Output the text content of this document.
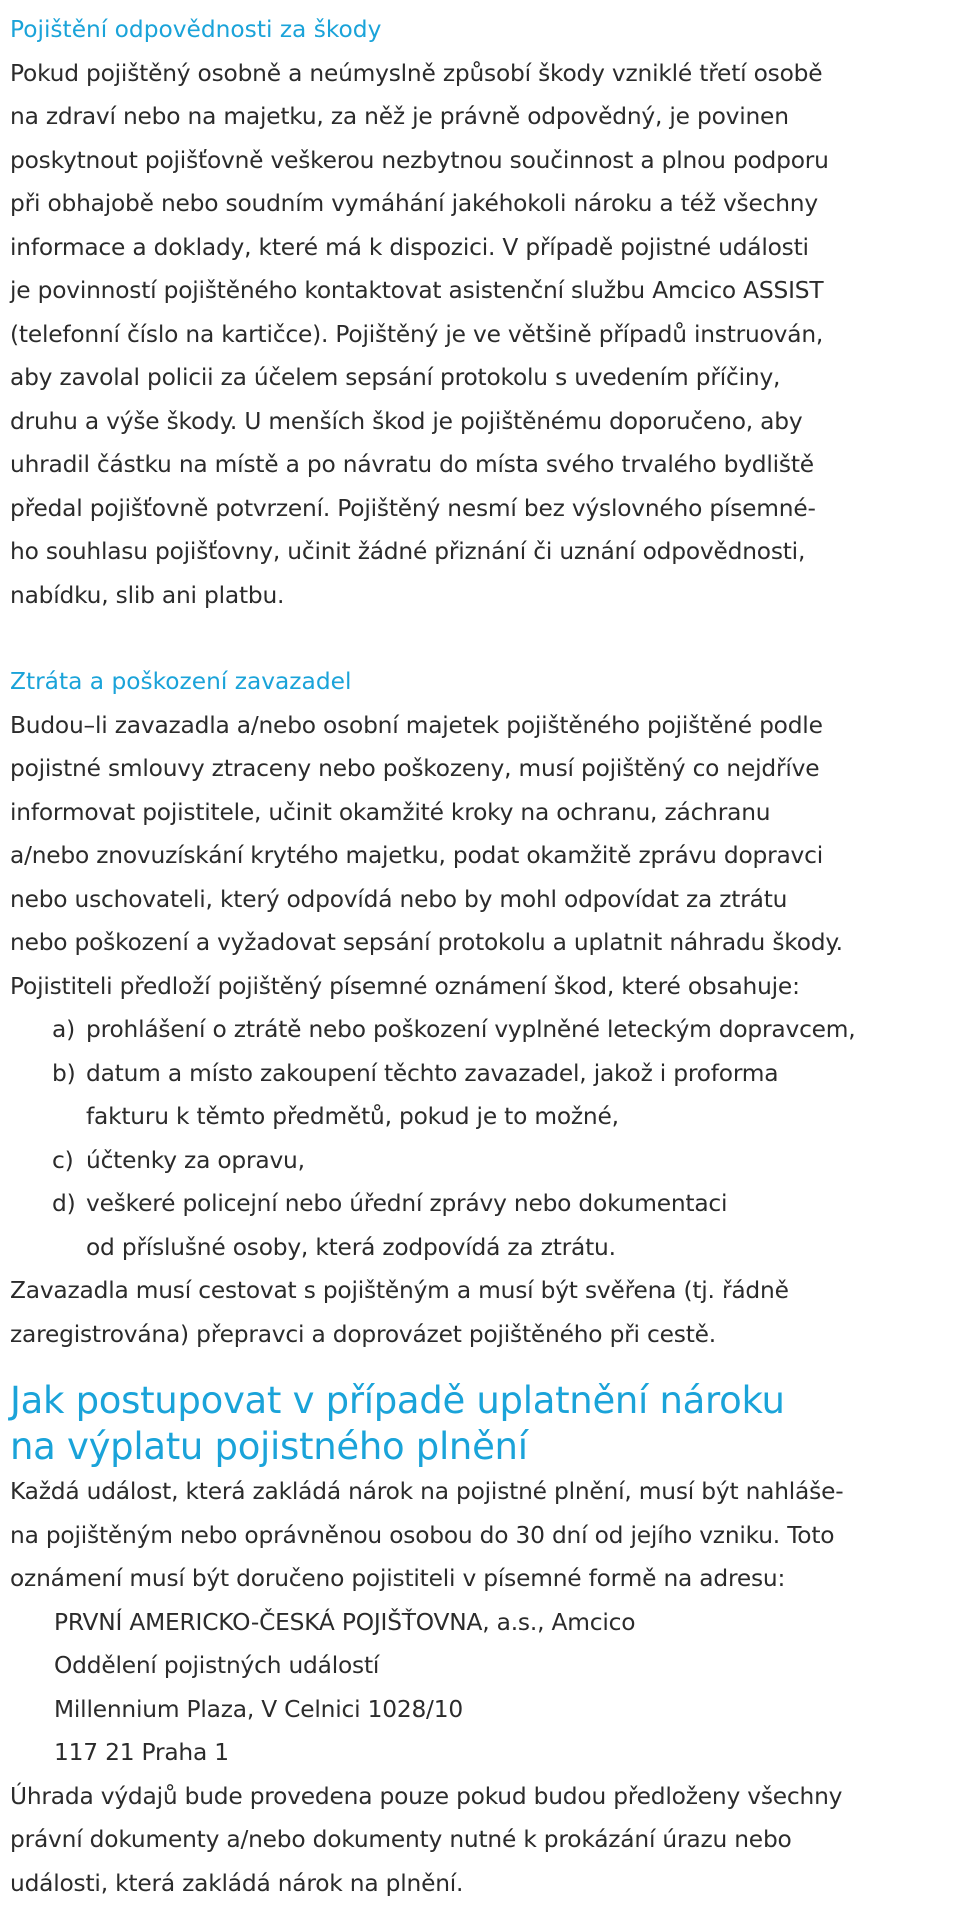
Pojištění odpovědnosti za škody
Pokud pojištěný osobně a neúmyslně způsobí škody vzniklé třetí osobě
na zdraví nebo na majetku, za něž je právně odpovědný, je povinen
poskytnout pojišťovně veškerou nezbytnou součinnost a plnou podporu
při obhajobě nebo soudním vymáhání jakéhokoli nároku a též všechny
informace a doklady, které má k dispozici. V případě pojistné události
je povinností pojištěného kontaktovat asistenční službu Amcico ASSIST
(telefonní číslo na kartičce). Pojištěný je ve většině případů instruován,
aby zavolal policii za účelem sepsání protokolu s uvedením příčiny,
druhu a výše škody. U menších škod je pojištěnému doporučeno, aby
uhradil částku na místě a po návratu do místa svého trvalého bydliště
předal pojišťovně potvrzení. Pojištěný nesmí bez výslovného písemné-
ho souhlasu pojišťovny, učinit žádné přiznání či uznání odpovědnosti,
nabídku, slib ani platbu.
Ztráta a poškození zavazadel
Budou–li zavazadla a/nebo osobní majetek pojištěného pojištěné podle
pojistné smlouvy ztraceny nebo poškozeny, musí pojištěný co nejdříve
informovat pojistitele, učinit okamžité kroky na ochranu, záchranu
a/nebo znovuzískání krytého majetku, podat okamžitě zprávu dopravci
nebo uschovateli, který odpovídá nebo by mohl odpovídat za ztrátu
nebo poškození a vyžadovat sepsání protokolu a uplatnit náhradu škody.
Pojistiteli předloží pojištěný písemné oznámení škod, které obsahuje:
a) prohlášení o ztrátě nebo poškození vyplněné leteckým dopravcem,
b) datum a místo zakoupení těchto zavazadel, jakož i proforma
fakturu k těmto předmětů, pokud je to možné,
c) účtenky za opravu,
d) veškeré policejní nebo úřední zprávy nebo dokumentaci
od příslušné osoby, která zodpovídá za ztrátu.
Zavazadla musí cestovat s pojištěným a musí být svěřena (tj. řádně
zaregistrována) přepravci a doprovázet pojištěného při cestě.
Jak postupovat v případě uplatnění nároku
na výplatu pojistného plnění
Každá událost, která zakládá nárok na pojistné plnění, musí být nahláše-
na pojištěným nebo oprávněnou osobou do 30 dní od jejího vzniku. Toto
oznámení musí být doručeno pojistiteli v písemné formě na adresu:
PRVNÍ AMERICKO-ČESKÁ POJIŠŤOVNA, a.s., Amcico
Oddělení pojistných událostí
Millennium Plaza, V Celnici 1028/10
117 21 Praha 1
Úhrada výdajů bude provedena pouze pokud budou předloženy všechny
právní dokumenty a/nebo dokumenty nutné k prokázání úrazu nebo
události, která zakládá nárok na plnění.
